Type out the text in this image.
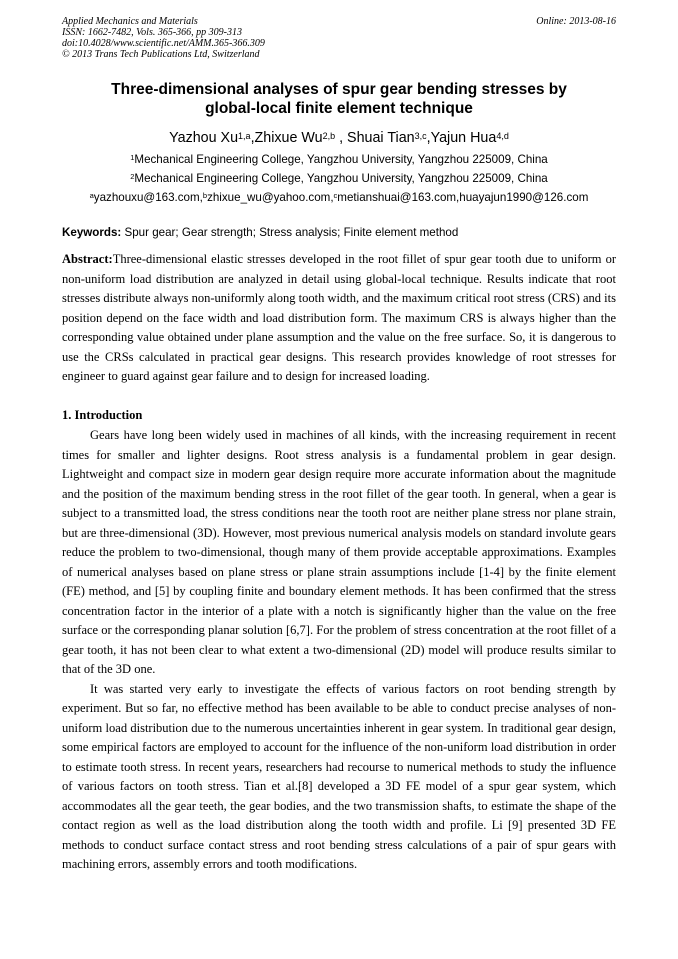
Applied Mechanics and Materials
ISSN: 1662-7482, Vols. 365-366, pp 309-313
doi:10.4028/www.scientific.net/AMM.365-366.309
© 2013 Trans Tech Publications Ltd, Switzerland
Online: 2013-08-16
Three-dimensional analyses of spur gear bending stresses by
global-local finite element technique
Yazhou Xu$^{1,a}$,Zhixue Wu$^{2,b}$ , Shuai Tian$^{3,c}$,Yajun Hua$^{4,d}$
$^1$Mechanical Engineering College, Yangzhou University, Yangzhou 225009, China
$^2$Mechanical Engineering College, Yangzhou University, Yangzhou 225009, China
$^a$yazhouxu@163.com,$^b$zhixue_wu@yahoo.com,$^c$metianshuai@163.com,huayajun1990@126.com
Keywords: Spur gear; Gear strength; Stress analysis; Finite element method

Abstract:Three-dimensional elastic stresses developed in the root fillet of spur gear tooth due to uniform or non-uniform load distribution are analyzed in detail using global-local technique. Results indicate that root stresses distribute always non-uniformly along tooth width, and the maximum critical root stress (CRS) and its position depend on the face width and load distribution form. The maximum CRS is always higher than the corresponding value obtained under plane assumption and the value on the free surface. So, it is dangerous to use the CRSs calculated in practical gear designs. This research provides knowledge of root stresses for engineer to guard against gear failure and to design for increased loading.

1. Introduction

Gears have long been widely used in machines of all kinds, with the increasing requirement in recent times for smaller and lighter designs. Root stress analysis is a fundamental problem in gear design. Lightweight and compact size in modern gear design require more accurate information about the magnitude and the position of the maximum bending stress in the root fillet of the gear tooth. In general, when a gear is subject to a transmitted load, the stress conditions near the tooth root are neither plane stress nor plane strain, but are three-dimensional (3D). However, most previous numerical analysis models on standard involute gears reduce the problem to two-dimensional, though many of them provide acceptable approximations. Examples of numerical analyses based on plane stress or plane strain assumptions include [1-4] by the finite element (FE) method, and [5] by coupling finite and boundary element methods. It has been confirmed that the stress concentration factor in the interior of a plate with a notch is significantly higher than the value on the free surface or the corresponding planar solution [6,7]. For the problem of stress concentration at the root fillet of a gear tooth, it has not been clear to what extent a two-dimensional (2D) model will produce results similar to that of the 3D one.

It was started very early to investigate the effects of various factors on root bending strength by experiment. But so far, no effective method has been available to be able to conduct precise analyses of non-uniform load distribution due to the numerous uncertainties inherent in gear system. In traditional gear design, some empirical factors are employed to account for the influence of the non-uniform load distribution in order to estimate tooth stress. In recent years, researchers had recourse to numerical methods to study the influence of various factors on tooth stress. Tian et al.[8] developed a 3D FE model of a spur gear system, which accommodates all the gear teeth, the gear bodies, and the two transmission shafts, to estimate the shape of the contact region as well as the load distribution along the tooth width and profile. Li [9] presented 3D FE methods to conduct surface contact stress and root bending stress calculations of a pair of spur gears with machining errors, assembly errors and tooth modifications.
